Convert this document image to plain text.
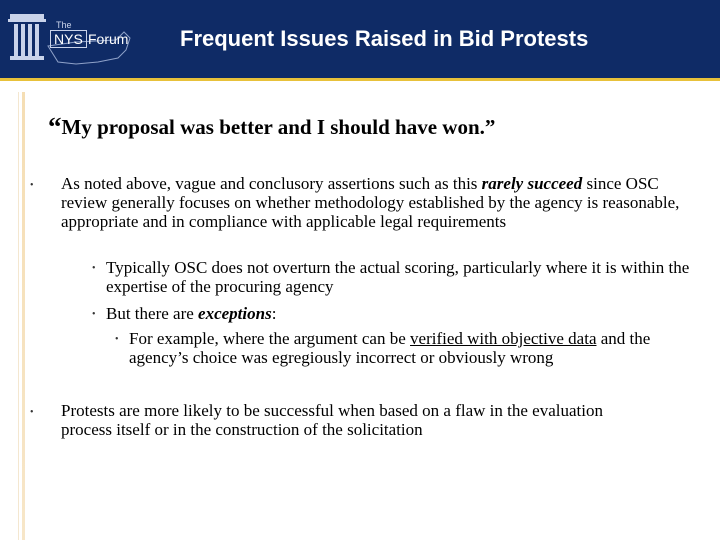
The
NYS Forum Frequent Issues Raised in Bid Protests
“My proposal was better and I should have won.”
• As noted above, vague and conclusory assertions such as this rarely succeed since OSC review generally focuses on whether methodology established by the agency is reasonable, appropriate and in compliance with applicable legal requirements
• Typically OSC does not overturn the actual scoring, particularly where it is within the expertise of the procuring agency
• But there are exceptions:
• For example, where the argument can be verified with objective data and the agency’s choice was egregiously incorrect or obviously wrong
• Protests are more likely to be successful when based on a flaw in the evaluation process itself or in the construction of the solicitation
